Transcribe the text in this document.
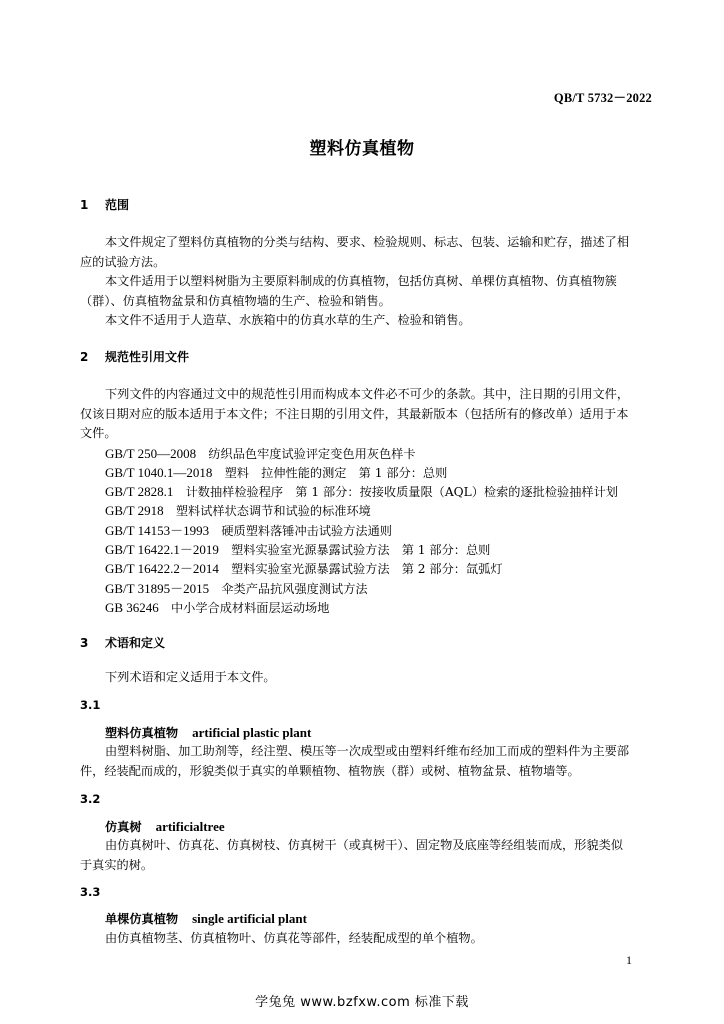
QB/T 5732－2022
塑料仿真植物
1 范围
本文件规定了塑料仿真植物的分类与结构、要求、检验规则、标志、包装、运输和贮存，描述了相
应的试验方法。
本文件适用于以塑料树脂为主要原料制成的仿真植物，包括仿真树、单棵仿真植物、仿真植物簇
（群）、仿真植物盆景和仿真植物墙的生产、检验和销售。
本文件不适用于人造草、水族箱中的仿真水草的生产、检验和销售。
2 规范性引用文件
下列文件的内容通过文中的规范性引用而构成本文件必不可少的条款。其中，注日期的引用文件，
仅该日期对应的版本适用于本文件；不注日期的引用文件，其最新版本（包括所有的修改单）适用于本
文件。
GB/T 250—2008　 纺织品色牢度试验评定变色用灰色样卡
GB/T 1040.1—2018　 塑料　拉伸性能的测定　第 1 部分：总则
GB/T 2828.1　 计数抽样检验程序　第 1 部分：按接收质量限（AQL）检索的逐批检验抽样计划
GB/T 2918　 塑料试样状态调节和试验的标准环境
GB/T 14153－1993　 硬质塑料落锤冲击试验方法通则
GB/T 16422.1－2019　 塑料实验室光源暴露试验方法　第 1 部分：总则
GB/T 16422.2－2014　 塑料实验室光源暴露试验方法　第 2 部分：氙弧灯
GB/T 31895－2015　 伞类产品抗风强度测试方法
GB 36246　 中小学合成材料面层运动场地
3 术语和定义
下列术语和定义适用于本文件。
3.1
塑料仿真植物 artificial plastic plant
由塑料树脂、加工助剂等，经注塑、模压等一次成型或由塑料纤维布经加工而成的塑料件为主要部
件，经装配而成的，形貌类似于真实的单颗植物、植物族（群）或树、植物盆景、植物墙等。
3.2
仿真树 artificialtree
由仿真树叶、仿真花、仿真树枝、仿真树干（或真树干）、固定物及底座等经组装而成，形貌类似
于真实的树。
3.3
单棵仿真植物 single artificial plant
由仿真植物茎、仿真植物叶、仿真花等部件，经装配成型的单个植物。
1
学兔兔 www.bzfxw.com 标准下载
